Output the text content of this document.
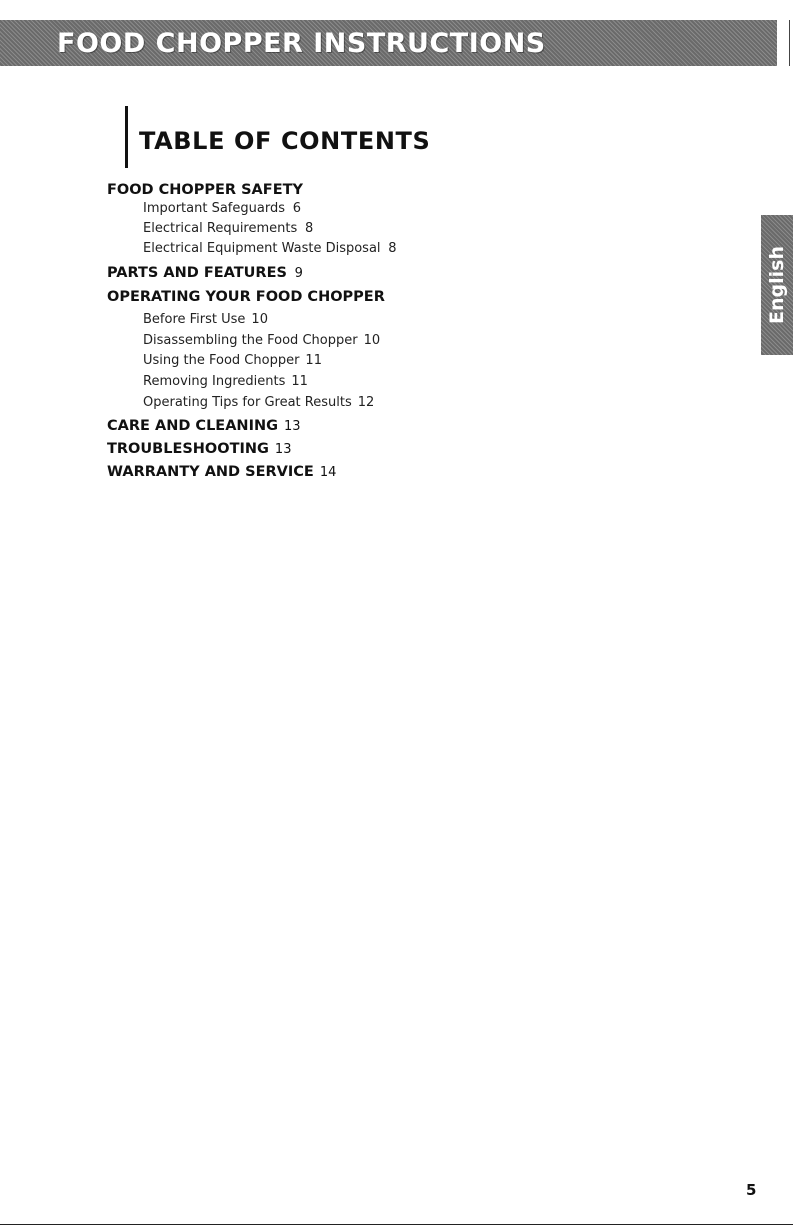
FOOD CHOPPER INSTRUCTIONS
TABLE OF CONTENTS
FOOD CHOPPER SAFETY
Important Safeguards 6
Electrical Requirements 8
Electrical Equipment Waste Disposal 8
PARTS AND FEATURES 9
OPERATING YOUR FOOD CHOPPER
Before First Use 10
Disassembling the Food Chopper 10
Using the Food Chopper 11
Removing Ingredients 11
Operating Tips for Great Results 12
CARE AND CLEANING 13
TROUBLESHOOTING 13
WARRANTY AND SERVICE 14
English
5
